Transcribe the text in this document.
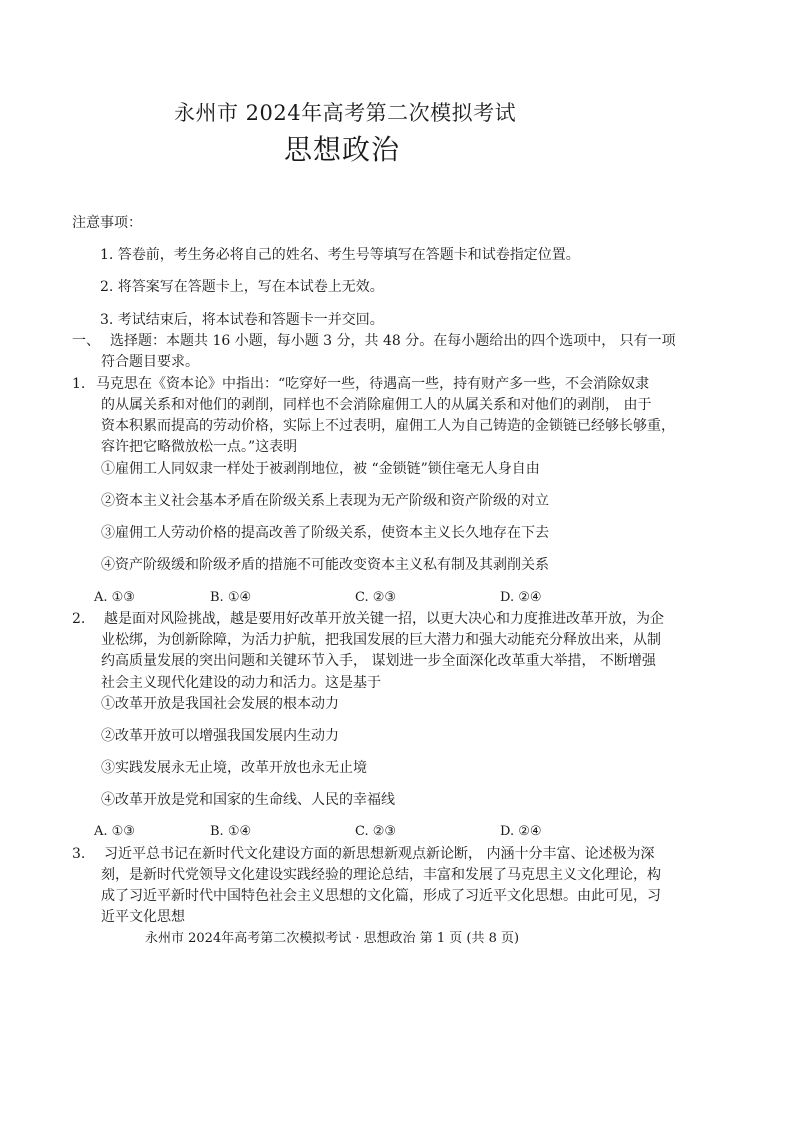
永州市 2024年高考第二次模拟考试
思想政治
注意事项：
1. 答卷前，考生务必将自己的姓名、考生号等填写在答题卡和试卷指定位置。
2. 将答案写在答题卡上，写在本试卷上无效。
3. 考试结束后，将本试卷和答题卡一并交回。
一、 选择题：本题共 16 小题，每小题 3 分，共 48 分。在每小题给出的四个选项中， 只有一项
符合题目要求。
1. 马克思在《资本论》中指出：“吃穿好一些，待遇高一些，持有财产多一些，不会消除奴隶
的从属关系和对他们的剥削，同样也不会消除雇佣工人的从属关系和对他们的剥削， 由于
资本积累而提高的劳动价格，实际上不过表明，雇佣工人为自己铸造的金锁链已经够长够重，
容许把它略微放松一点。”这表明
①雇佣工人同奴隶一样处于被剥削地位，被 “金锁链”锁住毫无人身自由
②资本主义社会基本矛盾在阶级关系上表现为无产阶级和资产阶级的对立
③雇佣工人劳动价格的提高改善了阶级关系，使资本主义长久地存在下去
④资产阶级缓和阶级矛盾的措施不可能改变资本主义私有制及其剥削关系
A. ①③	B. ①④	C. ②③	D. ②④
2. 越是面对风险挑战，越是要用好改革开放关键一招，以更大决心和力度推进改革开放，为企
业松绑，为创新除障，为活力护航，把我国发展的巨大潜力和强大动能充分释放出来，从制
约高质量发展的突出问题和关键环节入手， 谋划进一步全面深化改革重大举措， 不断增强
社会主义现代化建设的动力和活力。这是基于
①改革开放是我国社会发展的根本动力
②改革开放可以增强我国发展内生动力
③实践发展永无止境，改革开放也永无止境
④改革开放是党和国家的生命线、人民的幸福线
A. ①③	B. ①④	C. ②③	D. ②④
3. 习近平总书记在新时代文化建设方面的新思想新观点新论断， 内涵十分丰富、论述极为深
刻，是新时代党领导文化建设实践经验的理论总结，丰富和发展了马克思主义文化理论，构
成了习近平新时代中国特色社会主义思想的文化篇，形成了习近平文化思想。由此可见，习
近平文化思想
永州市 2024年高考第二次模拟考试 · 思想政治 第 1 页 (共 8 页)
